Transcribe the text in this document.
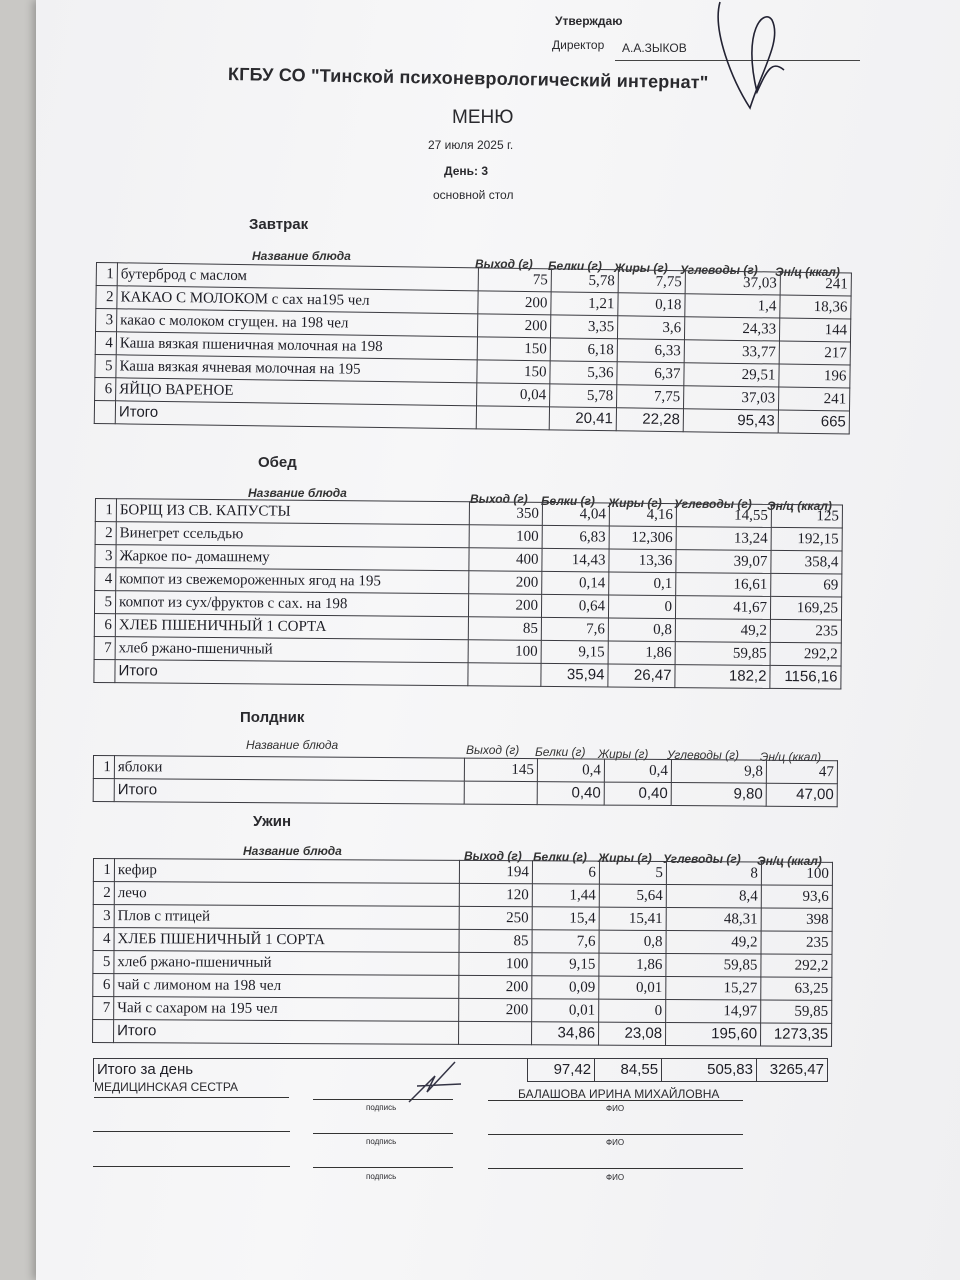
Утверждаю
Директор А.А.ЗЫКОВ
КГБУ СО "Тинской психоневрологический интернат"
МЕНЮ
27 июля 2025 г.
День: 3
основной стол
Завтрак
Название блюда
Выход (г) Белки (г) Жиры (г) Углеводы (г) Эн/ц (ккал)
1	бутерброд с маслом	75	5,78	7,75	37,03	241
2	КАКАО С МОЛОКОМ с сах на195 чел	200	1,21	0,18	1,4	18,36
3	какао с молоком сгущен. на 198 чел	200	3,35	3,6	24,33	144
4	Каша вязкая пшеничная молочная на 198	150	6,18	6,33	33,77	217
5	Каша вязкая ячневая молочная на 195	150	5,36	6,37	29,51	196
6	ЯЙЦО ВАРЕНОЕ	0,04	5,78	7,75	37,03	241
	Итого		20,41	22,28	95,43	665
Обед
Название блюда	Выход (г) Белки (г) Жиры (г) Углеводы (г) Эн/ц (ккал)
1	БОРЩ ИЗ СВ. КАПУСТЫ	350	4,04	4,16	14,55	125
2	Винегрет ссельдью	100	6,83	12,306	13,24	192,15
3	Жаркое по- домашнему	400	14,43	13,36	39,07	358,4
4	компот из свежемороженных ягод на 195	200	0,14	0,1	16,61	69
5	компот из сух/фруктов с сах. на 198	200	0,64	0	41,67	169,25
6	ХЛЕБ ПШЕНИЧНЫЙ 1 СОРТА	85	7,6	0,8	49,2	235
7	хлеб ржано-пшеничный	100	9,15	1,86	59,85	292,2
	Итого		35,94	26,47	182,2	1156,16
Полдник
Название блюда	Выход (г) Белки (г) Жиры (г) Углеводы (г) Эн/ц (ккал)
1	яблоки	145	0,4	0,4	9,8	47
	Итого		0,40	0,40	9,80	47,00
Ужин
Название блюда	Выход (г) Белки (г) Жиры (г) Углеводы (г) Эн/ц (ккал)
1	кефир	194	6	5	8	100
2	лечо	120	1,44	5,64	8,4	93,6
3	Плов с птицей	250	15,4	15,41	48,31	398
4	ХЛЕБ ПШЕНИЧНЫЙ 1 СОРТА	85	7,6	0,8	49,2	235
5	хлеб ржано-пшеничный	100	9,15	1,86	59,85	292,2
6	чай с лимоном на 198 чел	200	0,09	0,01	15,27	63,25
7	Чай с сахаром на 195 чел	200	0,01	0	14,97	59,85
	Итого		34,86	23,08	195,60	1273,35
Итого за день	97,42	84,55	505,83	3265,47
МЕДИЦИНСКАЯ СЕСТРА	БАЛАШОВА ИРИНА МИХАЙЛОВНА
подпись	ФИО
подпись	ФИО
подпись	ФИО
